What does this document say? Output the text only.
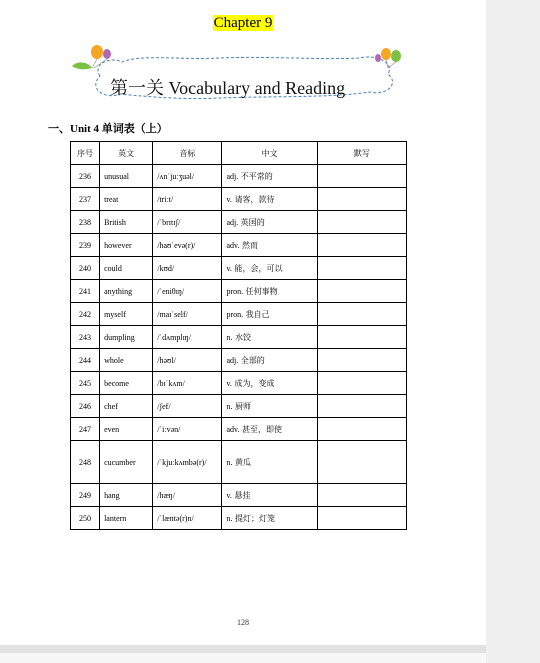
Chapter 9
第一关 Vocabulary and Reading
一、Unit 4 单词表（上）
序号	英文	音标	中文	默写
236	unusual	/ʌnˈjuːʒuəl/	adj. 不平常的	
237	treat	/triːt/	v. 请客，款待	
238	British	/ˈbrɪtɪʃ/	adj. 英国的	
239	however	/haʊˈevə(r)/	adv. 然而	
240	could	/kʊd/	v. 能，会，可以	
241	anything	/ˈeniθɪŋ/	pron. 任何事物	
242	myself	/maɪˈself/	pron. 我自己	
243	dumpling	/ˈdʌmplɪŋ/	n. 水饺	
244	whole	/həʊl/	adj. 全部的	
245	become	/bɪˈkʌm/	v. 成为，变成	
246	chef	/ʃef/	n. 厨师	
247	even	/ˈiːvən/	adv. 甚至，即使	
248	cucumber	/ˈkjuːkʌmbə(r)/	n. 黄瓜	
249	hang	/hæŋ/	v. 悬挂	
250	lantern	/ˈlæntə(r)n/	n. 提灯；灯笼	
128
